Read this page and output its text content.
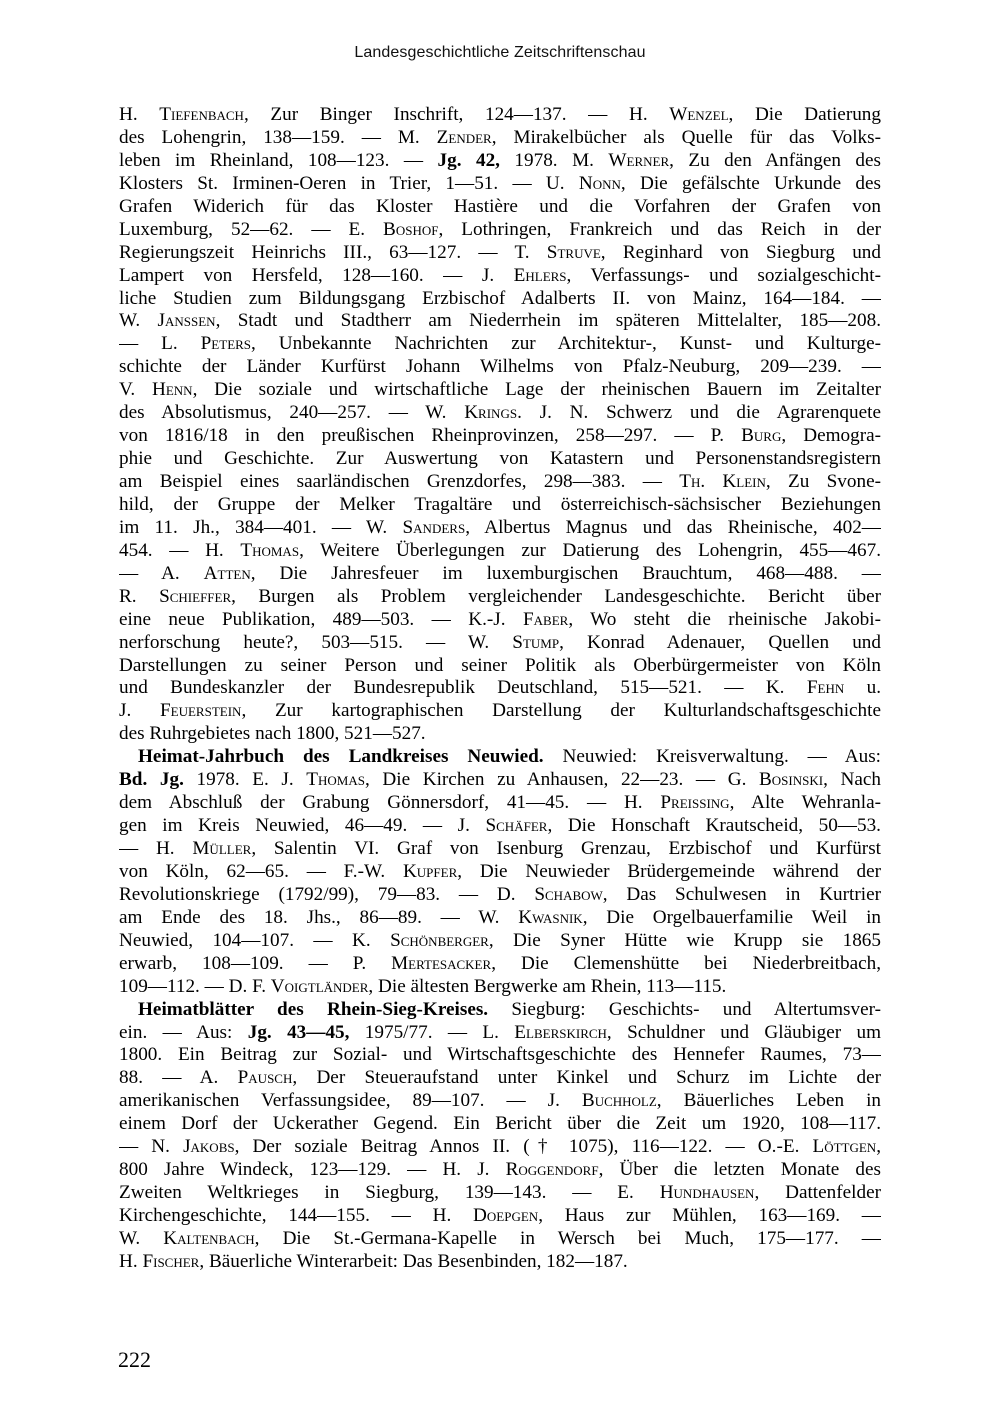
Landesgeschichtliche Zeitschriftenschau
H. Tiefenbach, Zur Binger Inschrift, 124—137. — H. Wenzel, Die Datierung
des Lohengrin, 138—159. — M. Zender, Mirakelbücher als Quelle für das Volks-
leben im Rheinland, 108—123. — Jg. 42, 1978. M. Werner, Zu den Anfängen des
Klosters St. Irminen-Oeren in Trier, 1—51. — U. Nonn, Die gefälschte Urkunde des
Grafen Widerich für das Kloster Hastière und die Vorfahren der Grafen von
Luxemburg, 52—62. — E. Boshof, Lothringen, Frankreich und das Reich in der
Regierungszeit Heinrichs III., 63—127. — T. Struve, Reginhard von Siegburg und
Lampert von Hersfeld, 128—160. — J. Ehlers, Verfassungs- und sozialgeschicht-
liche Studien zum Bildungsgang Erzbischof Adalberts II. von Mainz, 164—184. —
W. Janssen, Stadt und Stadtherr am Niederrhein im späteren Mittelalter, 185—208.
— L. Peters, Unbekannte Nachrichten zur Architektur-, Kunst- und Kulturge-
schichte der Länder Kurfürst Johann Wilhelms von Pfalz-Neuburg, 209—239. —
V. Henn, Die soziale und wirtschaftliche Lage der rheinischen Bauern im Zeitalter
des Absolutismus, 240—257. — W. Krings. J. N. Schwerz und die Agrarenquete
von 1816/18 in den preußischen Rheinprovinzen, 258—297. — P. Burg, Demogra-
phie und Geschichte. Zur Auswertung von Katastern und Personenstandsregistern
am Beispiel eines saarländischen Grenzdorfes, 298—383. — Th. Klein, Zu Svone-
hild, der Gruppe der Melker Tragaltäre und österreichisch-sächsischer Beziehungen
im 11. Jh., 384—401. — W. Sanders, Albertus Magnus und das Rheinische, 402—
454. — H. Thomas, Weitere Überlegungen zur Datierung des Lohengrin, 455—467.
— A. Atten, Die Jahresfeuer im luxemburgischen Brauchtum, 468—488. —
R. Schieffer, Burgen als Problem vergleichender Landesgeschichte. Bericht über
eine neue Publikation, 489—503. — K.-J. Faber, Wo steht die rheinische Jakobi-
nerforschung heute?, 503—515. — W. Stump, Konrad Adenauer, Quellen und
Darstellungen zu seiner Person und seiner Politik als Oberbürgermeister von Köln
und Bundeskanzler der Bundesrepublik Deutschland, 515—521. — K. Fehn u.
J. Feuerstein, Zur kartographischen Darstellung der Kulturlandschaftsgeschichte
des Ruhrgebietes nach 1800, 521—527.
Heimat-Jahrbuch des Landkreises Neuwied. Neuwied: Kreisverwaltung. — Aus:
Bd. Jg. 1978. E. J. Thomas, Die Kirchen zu Anhausen, 22—23. — G. Bosinski, Nach
dem Abschluß der Grabung Gönnersdorf, 41—45. — H. Preissing, Alte Wehranla-
gen im Kreis Neuwied, 46—49. — J. Schäfer, Die Honschaft Krautscheid, 50—53.
— H. Müller, Salentin VI. Graf von Isenburg Grenzau, Erzbischof und Kurfürst
von Köln, 62—65. — F.-W. Kupfer, Die Neuwieder Brüdergemeinde während der
Revolutionskriege (1792/99), 79—83. — D. Schabow, Das Schulwesen in Kurtrier
am Ende des 18. Jhs., 86—89. — W. Kwasnik, Die Orgelbauerfamilie Weil in
Neuwied, 104—107. — K. Schönberger, Die Syner Hütte wie Krupp sie 1865
erwarb, 108—109. — P. Mertesacker, Die Clemenshütte bei Niederbreitbach,
109—112. — D. F. Voigtländer, Die ältesten Bergwerke am Rhein, 113—115.
Heimatblätter des Rhein-Sieg-Kreises. Siegburg: Geschichts- und Altertumsver-
ein. — Aus: Jg. 43—45, 1975/77. — L. Elberskirch, Schuldner und Gläubiger um
1800. Ein Beitrag zur Sozial- und Wirtschaftsgeschichte des Hennefer Raumes, 73—
88. — A. Pausch, Der Steueraufstand unter Kinkel und Schurz im Lichte der
amerikanischen Verfassungsidee, 89—107. — J. Buchholz, Bäuerliches Leben in
einem Dorf der Uckerather Gegend. Ein Bericht über die Zeit um 1920, 108—117.
— N. Jakobs, Der soziale Beitrag Annos II. († 1075), 116—122. — O.-E. Löttgen,
800 Jahre Windeck, 123—129. — H. J. Roggendorf, Über die letzten Monate des
Zweiten Weltkrieges in Siegburg, 139—143. — E. Hundhausen, Dattenfelder
Kirchengeschichte, 144—155. — H. Doepgen, Haus zur Mühlen, 163—169. —
W. Kaltenbach, Die St.-Germana-Kapelle in Wersch bei Much, 175—177. —
H. Fischer, Bäuerliche Winterarbeit: Das Besenbinden, 182—187.
222
